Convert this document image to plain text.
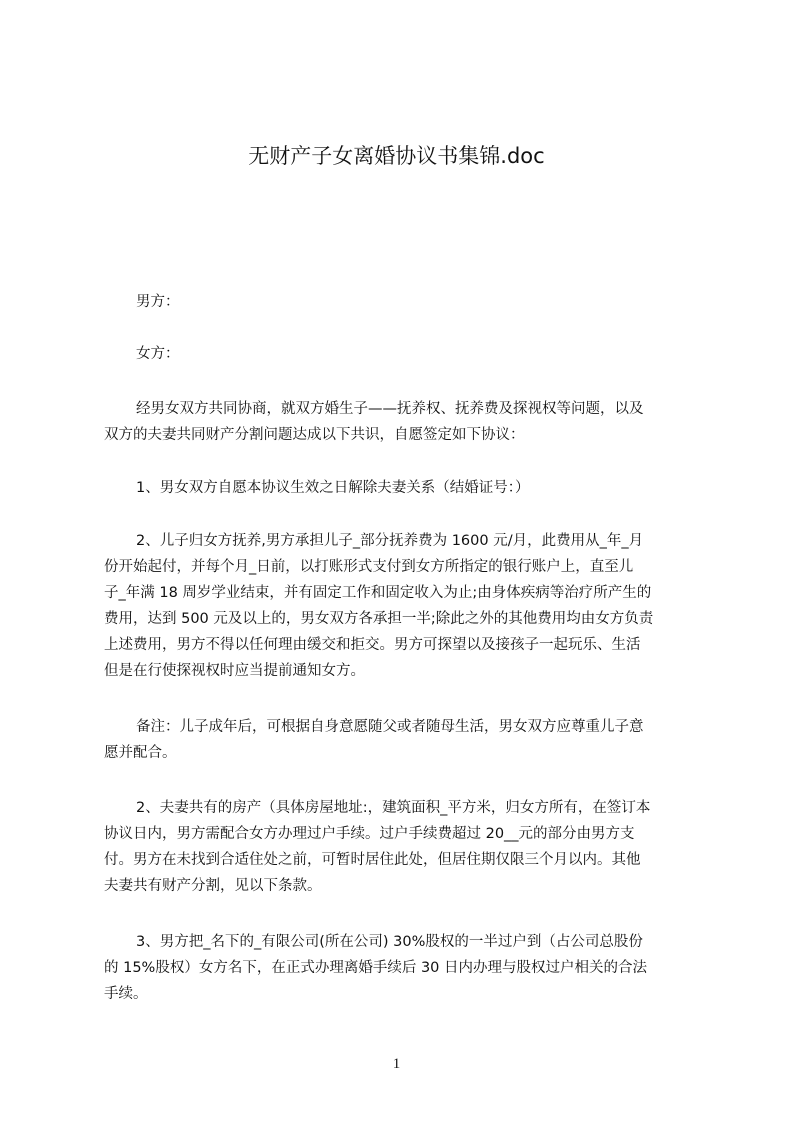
无财产子女离婚协议书集锦.doc
男方：
女方：
经男女双方共同协商，就双方婚生子——抚养权、抚养费及探视权等问题，以及
双方的夫妻共同财产分割问题达成以下共识，自愿签定如下协议：
1、男女双方自愿本协议生效之日解除夫妻关系（结婚证号：）
2、儿子归女方抚养,男方承担儿子_部分抚养费为 1600 元/月，此费用从_年_月
份开始起付，并每个月_日前，以打账形式支付到女方所指定的银行账户上，直至儿
子_年满 18 周岁学业结束，并有固定工作和固定收入为止;由身体疾病等治疗所产生的
费用，达到 500 元及以上的，男女双方各承担一半;除此之外的其他费用均由女方负责
上述费用，男方不得以任何理由缓交和拒交。男方可探望以及接孩子一起玩乐、生活
但是在行使探视权时应当提前通知女方。
备注：儿子成年后，可根据自身意愿随父或者随母生活，男女双方应尊重儿子意
愿并配合。
2、夫妻共有的房产（具体房屋地址:，建筑面积_平方米，归女方所有，在签订本
协议日内，男方需配合女方办理过户手续。过户手续费超过 20__元的部分由男方支
付。男方在未找到合适住处之前，可暂时居住此处，但居住期仅限三个月以内。其他
夫妻共有财产分割，见以下条款。
3、男方把_名下的_有限公司(所在公司) 30%股权的一半过户到（占公司总股份
的 15%股权）女方名下，在正式办理离婚手续后 30 日内办理与股权过户相关的合法
手续。
1
